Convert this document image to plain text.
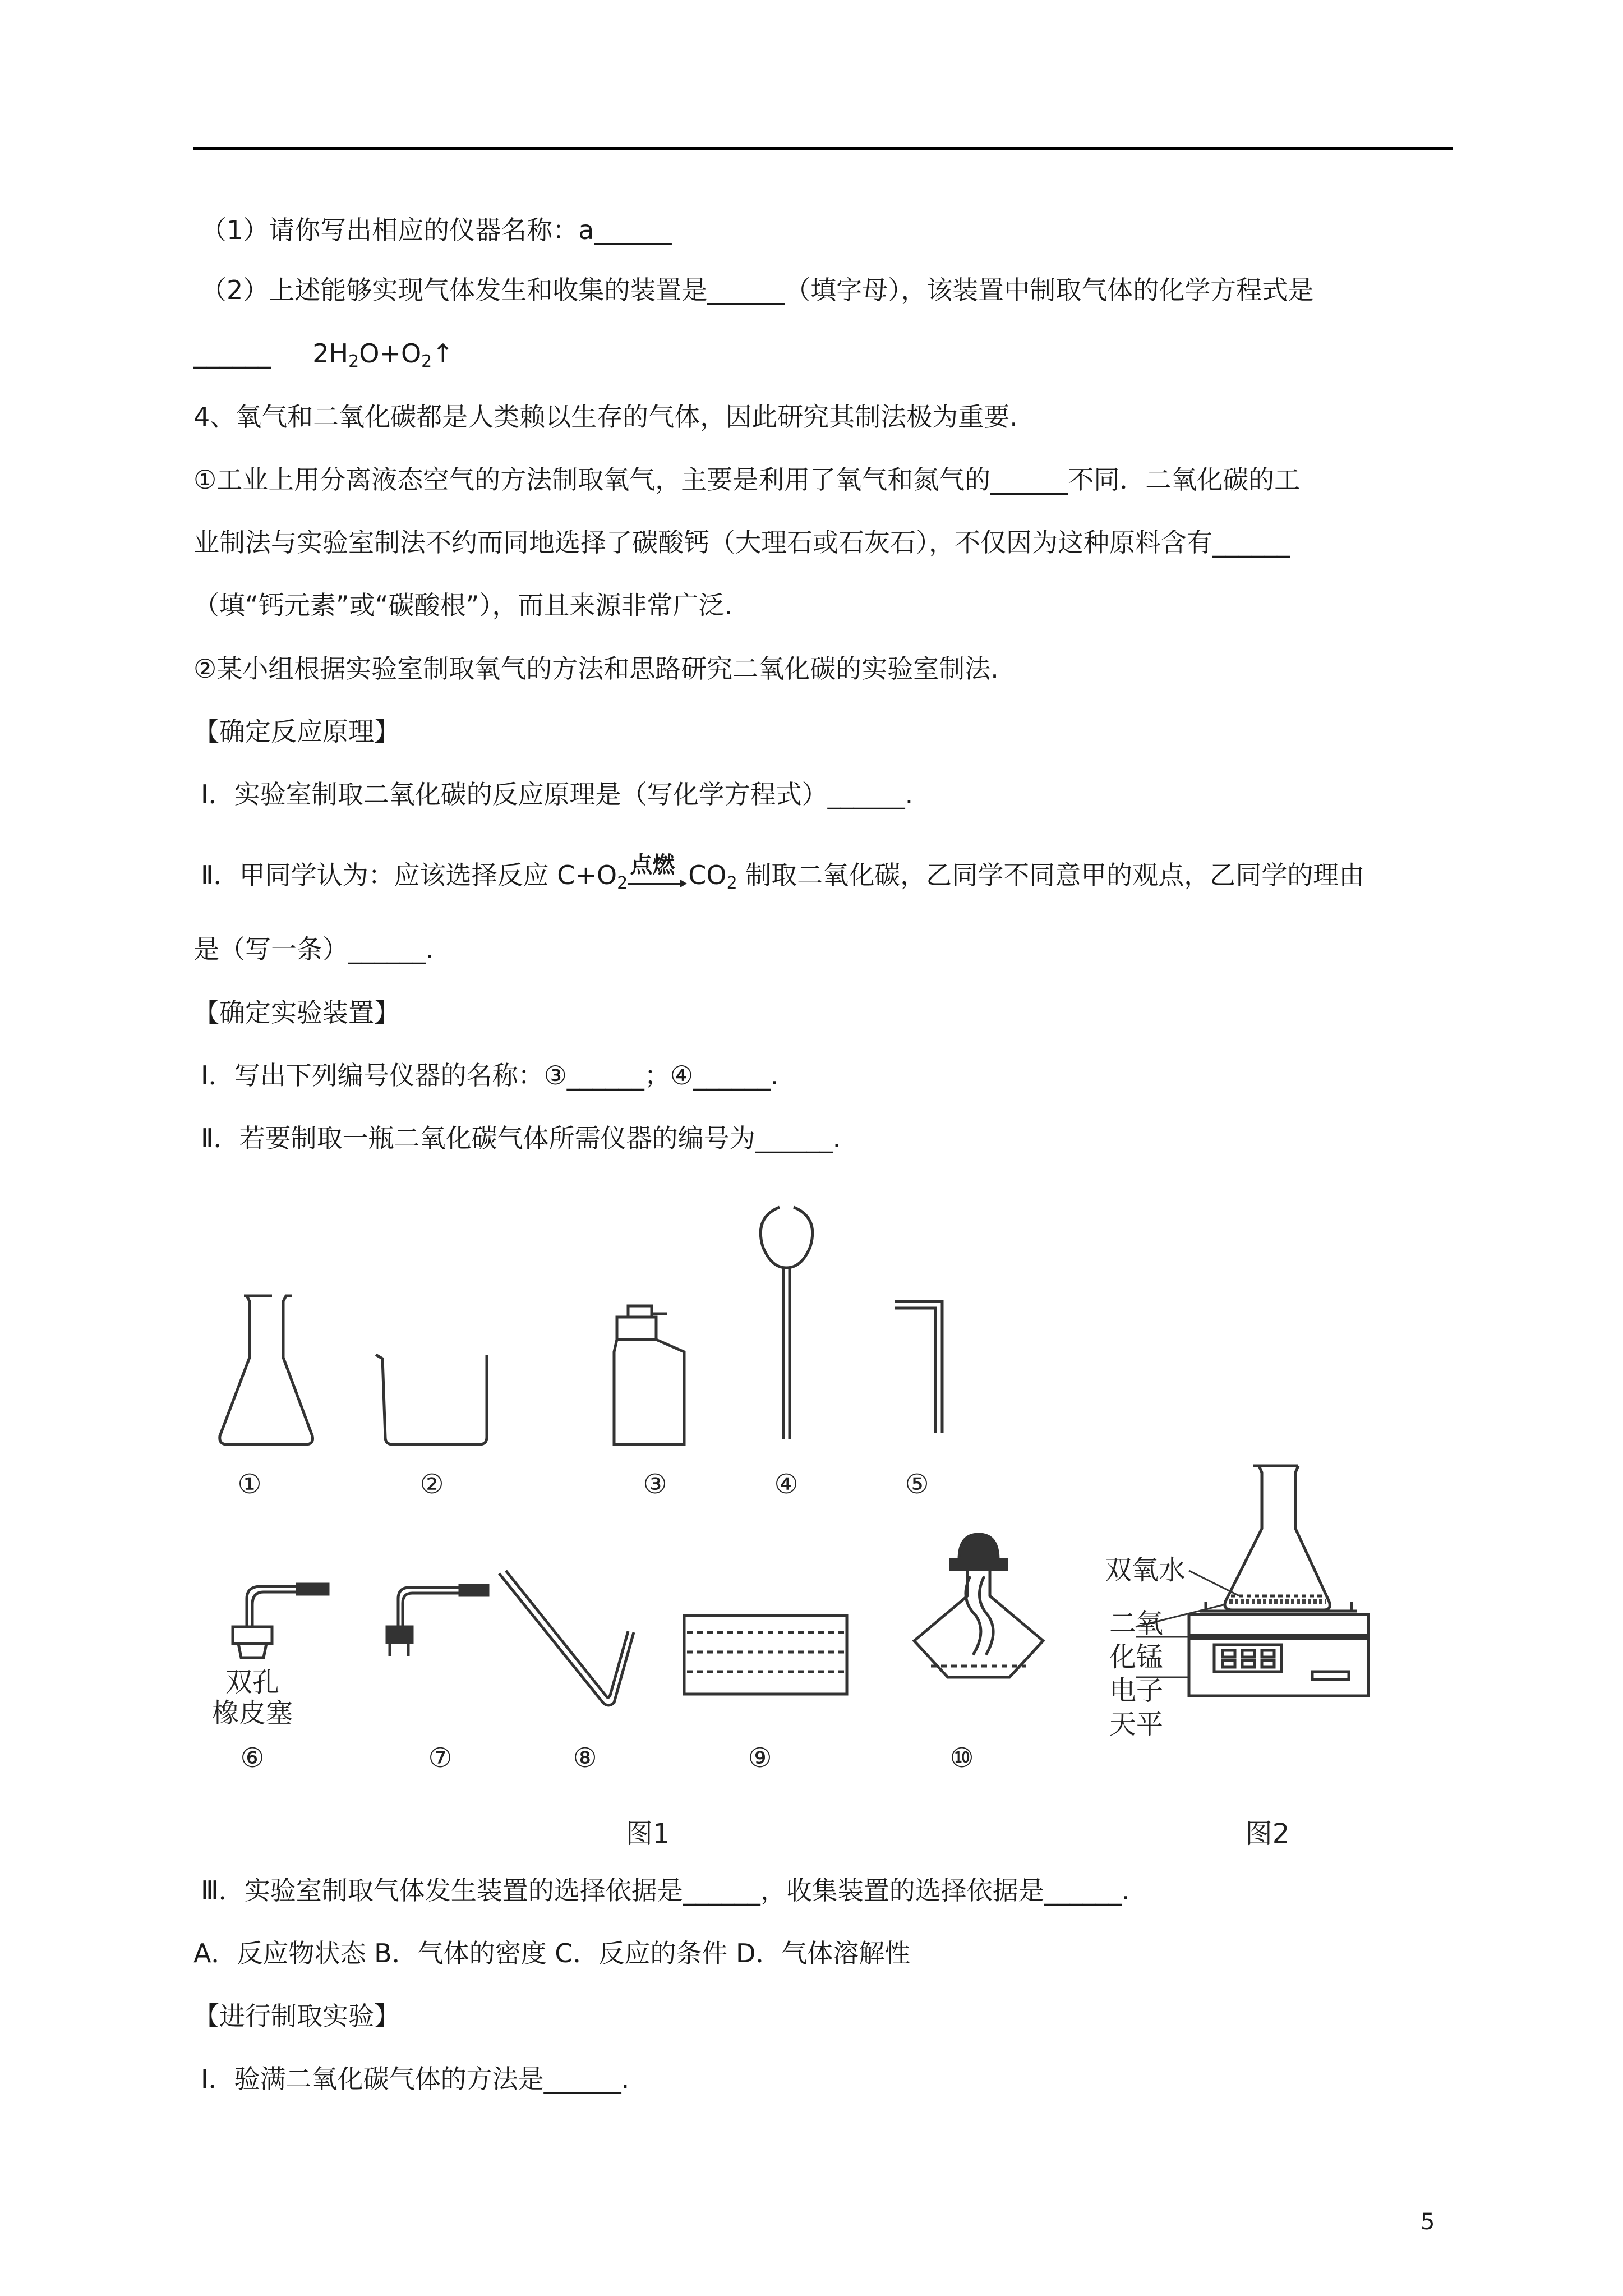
（1）请你写出相应的仪器名称：a______
（2）上述能够实现气体发生和收集的装置是______（填字母），该装置中制取气体的化学方程式是
______ $2H_2O+O_2↑$
4、氧气和二氧化碳都是人类赖以生存的气体，因此研究其制法极为重要.
①工业上用分离液态空气的方法制取氧气，主要是利用了氧气和氮气的______不同．二氧化碳的工
业制法与实验室制法不约而同地选择了碳酸钙（大理石或石灰石），不仅因为这种原料含有______
（填“钙元素”或“碳酸根”），而且来源非常广泛.
②某小组根据实验室制取氧气的方法和思路研究二氧化碳的实验室制法.
【确定反应原理】
Ⅰ．实验室制取二氧化碳的反应原理是（写化学方程式）______.
Ⅱ．甲同学认为：应该选择反应 $C+O_2$
点燃 $CO_2$ 制取二氧化碳，乙同学不同意甲的观点，乙同学的理由
是（写一条）______.
【确定实验装置】
Ⅰ．写出下列编号仪器的名称：③______；④______.
Ⅱ．若要制取一瓶二氧化碳气体所需仪器的编号为______.
①	②	③	④	⑤
⑥	⑦	⑧	⑨	⑩
双孔
橡皮塞
图1	图2
双氧水
二氧
化锰
电子
天平
Ⅲ．实验室制取气体发生装置的选择依据是______，收集装置的选择依据是______.
A．反应物状态 B．气体的密度 C．反应的条件 D．气体溶解性
【进行制取实验】
Ⅰ．验满二氧化碳气体的方法是______.
5
